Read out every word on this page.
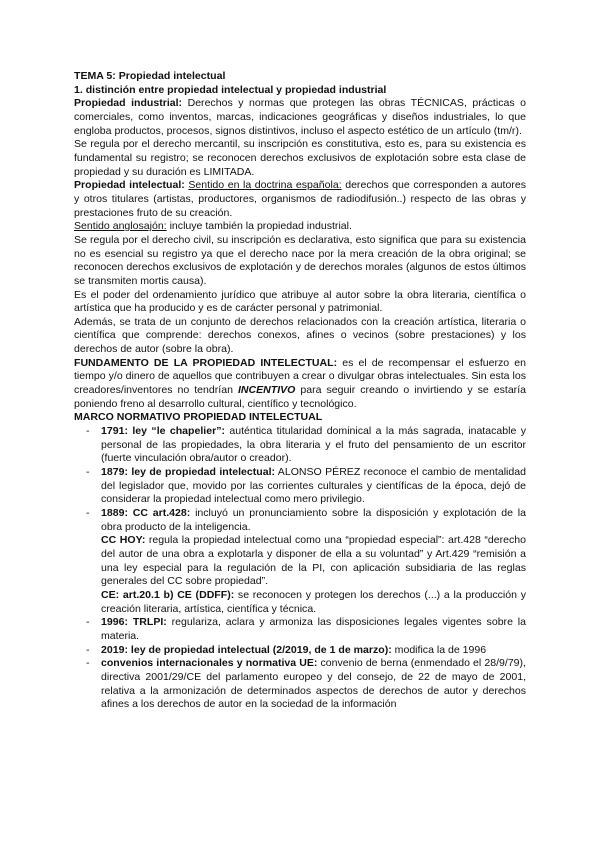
TEMA 5: Propiedad intelectual

1. distinción entre propiedad intelectual y propiedad industrial

Propiedad industrial: Derechos y normas que protegen las obras TÉCNICAS, prácticas o comerciales, como inventos, marcas, indicaciones geográficas y diseños industriales, lo que engloba productos, procesos, signos distintivos, incluso el aspecto estético de un artículo (tm/r).

Se regula por el derecho mercantil, su inscripción es constitutiva, esto es, para su existencia es fundamental su registro; se reconocen derechos exclusivos de explotación sobre esta clase de propiedad y su duración es LIMITADA.

Propiedad intelectual: Sentido en la doctrina española: derechos que corresponden a autores y otros titulares (artistas, productores, organismos de radiodifusión..) respecto de las obras y prestaciones fruto de su creación.

Sentido anglosajón: incluye también la propiedad industrial.

Se regula por el derecho civil, su inscripción es declarativa, esto significa que para su existencia no es esencial su registro ya que el derecho nace por la mera creación de la obra original; se reconocen derechos exclusivos de explotación y de derechos morales (algunos de estos últimos se transmiten mortis causa).

Es el poder del ordenamiento jurídico que atribuye al autor sobre la obra literaria, científica o artística que ha producido y es de carácter personal y patrimonial.

Además, se trata de un conjunto de derechos relacionados con la creación artística, literaria o científica que comprende: derechos conexos, afines o vecinos (sobre prestaciones) y los derechos de autor (sobre la obra).

FUNDAMENTO DE LA PROPIEDAD INTELECTUAL: es el de recompensar el esfuerzo en tiempo y/o dinero de aquellos que contribuyen a crear o divulgar obras intelectuales. Sin esta los creadores/inventores no tendrían INCENTIVO para seguir creando o invirtiendo y se estaría poniendo freno al desarrollo cultural, científico y tecnológico.

MARCO NORMATIVO PROPIEDAD INTELECTUAL

- 1791: ley “le chapelier”: auténtica titularidad dominical a la más sagrada, inatacable y personal de las propiedades, la obra literaria y el fruto del pensamiento de un escritor (fuerte vinculación obra/autor o creador).
- 1879: ley de propiedad intelectual: ALONSO PÉREZ reconoce el cambio de mentalidad del legislador que, movido por las corrientes culturales y científicas de la época, dejó de considerar la propiedad intelectual como mero privilegio.
- 1889: CC art.428: incluyó un pronunciamiento sobre la disposición y explotación de la obra producto de la inteligencia.

CC HOY: regula la propiedad intelectual como una “propiedad especial”: art.428 “derecho del autor de una obra a explotarla y disponer de ella a su voluntad” y Art.429 “remisión a una ley especial para la regulación de la PI, con aplicación subsidiaria de las reglas generales del CC sobre propiedad”.

CE: art.20.1 b) CE (DDFF): se reconocen y protegen los derechos (...) a la producción y creación literaria, artística, científica y técnica.

- 1996: TRLPI: regulariza, aclara y armoniza las disposiciones legales vigentes sobre la materia.
- 2019: ley de propiedad intelectual (2/2019, de 1 de marzo): modifica la de 1996
- convenios internacionales y normativa UE: convenio de berna (enmendado el 28/9/79), directiva 2001/29/CE del parlamento europeo y del consejo, de 22 de mayo de 2001, relativa a la armonización de determinados aspectos de derechos de autor y derechos afines a los derechos de autor en la sociedad de la información
